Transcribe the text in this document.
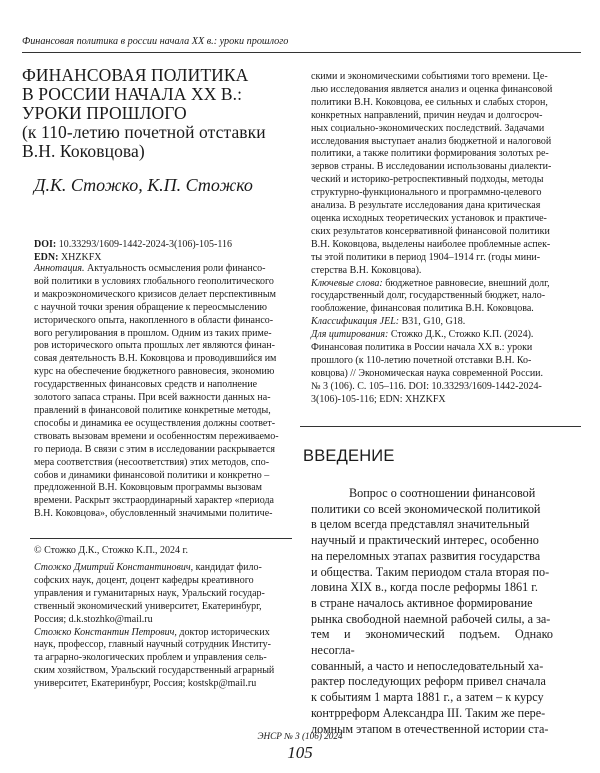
Финансовая политика в россии начала XX в.: уроки прошлого
ФИНАНСОВАЯ ПОЛИТИКА
В РОССИИ НАЧАЛА XX В.:
УРОКИ ПРОШЛОГО
(к 110-летию почетной отставки
В.Н. Коковцова)
Д.К. Стожко, К.П. Стожко
DOI: 10.33293/1609-1442-2024-3(106)-105-116
EDN: XHZKFX
Аннотация. Актуальность осмысления роли финансо-
вой политики в условиях глобального геополитического
и макроэкономического кризисов делает перспективным
с научной точки зрения обращение к переосмыслению
исторического опыта, накопленного в области финансо-
вого регулирования в прошлом. Одним из таких приме-
ров исторического опыта прошлых лет являются финан-
совая деятельность В.Н. Коковцова и проводившийся им
курс на обеспечение бюджетного равновесия, экономию
государственных финансовых средств и наполнение
золотого запаса страны. При всей важности данных на-
правлений в финансовой политике конкретные методы,
способы и динамика ее осуществления должны соответ-
ствовать вызовам времени и особенностям переживаемо-
го периода. В связи с этим в исследовании раскрывается
мера соответствия (несоответствия) этих методов, спо-
собов и динамики финансовой политики и конкретно –
предложенной В.Н. Коковцовым программы вызовам
времени. Раскрыт экстраординарный характер «периода
В.Н. Коковцова», обусловленный значимыми политиче-
© Стожко Д.К., Стожко К.П., 2024 г.
Стожко Дмитрий Константинович, кандидат фило-
софских наук, доцент, доцент кафедры креативного
управления и гуманитарных наук, Уральский государ-
ственный экономический университет, Екатеринбург,
Россия; d.k.stozhko@mail.ru
Стожко Константин Петрович, доктор исторических
наук, профессор, главный научный сотрудник Институ-
та аграрно-экологических проблем и управления сель-
ским хозяйством, Уральский государственный аграрный
университет, Екатеринбург, Россия; kostskp@mail.ru
скими и экономическими событиями того времени. Це-
лью исследования является анализ и оценка финансовой
политики В.Н. Коковцова, ее сильных и слабых сторон,
конкретных направлений, причин неудач и долгосроч-
ных социально-экономических последствий. Задачами
исследования выступает анализ бюджетной и налоговой
политики, а также политики формирования золотых ре-
зервов страны. В исследовании использованы диалекти-
ческий и историко-ретроспективный подходы, методы
структурно-функционального и программно-целевого
анализа. В результате исследования дана критическая
оценка исходных теоретических установок и практиче-
ских результатов консервативной финансовой политики
В.Н. Коковцова, выделены наиболее проблемные аспек-
ты этой политики в период 1904–1914 гг. (годы мини-
стерства В.Н. Коковцова).
Ключевые слова: бюджетное равновесие, внешний долг,
государственный долг, государственный бюджет, нало-
гообложение, финансовая политика В.Н. Коковцова.
Классификация JEL: B31, G10, G18.
Для цитирования: Стожко Д.К., Стожко К.П. (2024).
Финансовая политика в России начала XX в.: уроки
прошлого (к 110-летию почетной отставки В.Н. Ко-
ковцова) // Экономическая наука современной России.
№ 3 (106). С. 105–116. DOI: 10.33293/1609-1442-2024-
3(106)-105-116; EDN: XHZKFX
ВВЕДЕНИЕ
Вопрос о соотношении финансовой
политики со всей экономической политикой
в целом всегда представлял значительный
научный и практический интерес, особенно
на переломных этапах развития государства
и общества. Таким периодом стала вторая по-
ловина XIX в., когда после реформы 1861 г.
в стране началось активное формирование
рынка свободной наемной рабочей силы, а за-
тем и экономический подъем. Однако несогла-
сованный, а часто и непоследовательный ха-
рактер последующих реформ привел сначала
к событиям 1 марта 1881 г., а затем – к курсу
контрреформ Александра III. Таким же пере-
ломным этапом в отечественной истории ста-
ЭНСР № 3 (106) 2024
105
